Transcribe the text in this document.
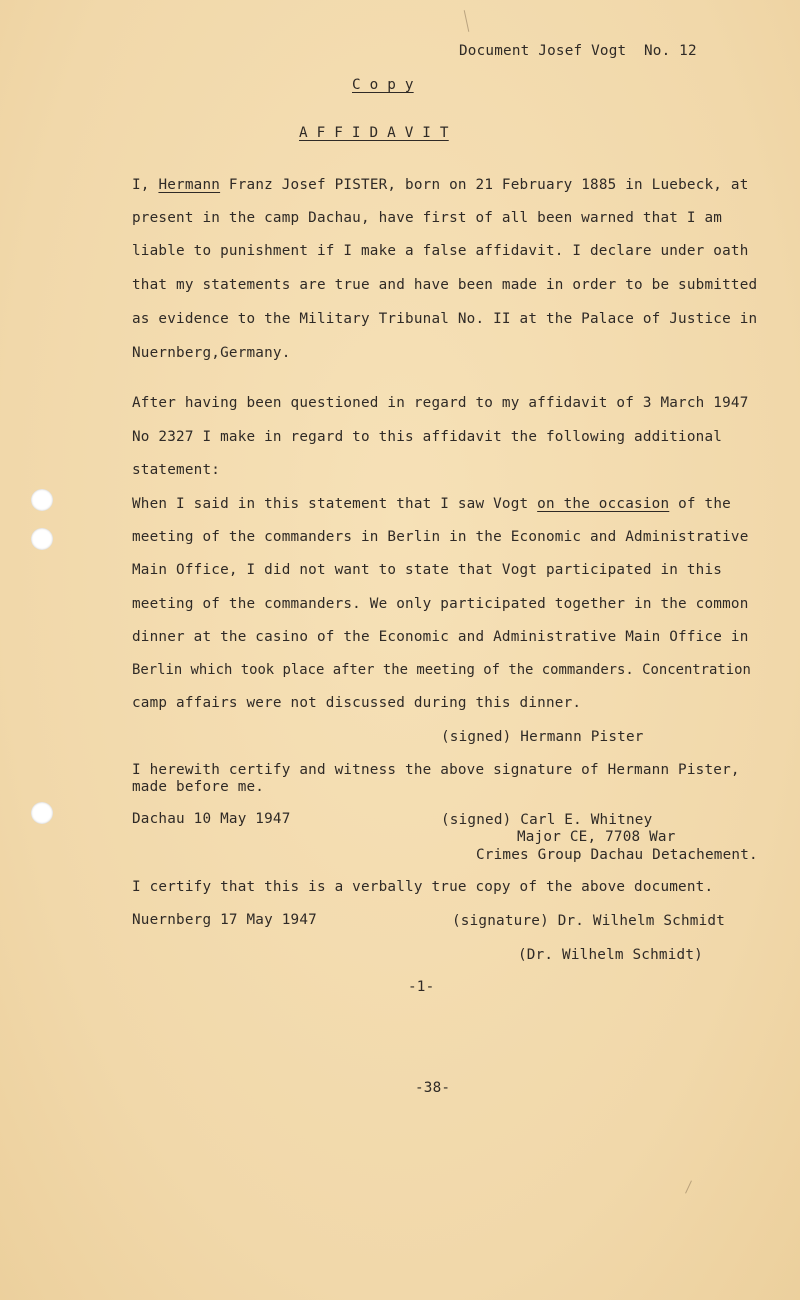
Document Josef Vogt  No. 12
C o p y
A F F I D A V I T
I, Hermann Franz Josef PISTER, born on 21 February 1885 in Luebeck, at
present in the camp Dachau, have first of all been warned that I am
liable to punishment if I make a false affidavit. I declare under oath
that my statements are true and have been made in order to be submitted
as evidence to the Military Tribunal No. II at the Palace of Justice in
Nuernberg,Germany.
After having been questioned in regard to my affidavit of 3 March 1947
No 2327 I make in regard to this affidavit the following additional
statement:
When I said in this statement that I saw Vogt on the occasion of the
meeting of the commanders in Berlin in the Economic and Administrative
Main Office, I did not want to state that Vogt participated in this
meeting of the commanders. We only participated together in the common
dinner at the casino of the Economic and Administrative Main Office in
Berlin which took place after the meeting of the commanders. Concentration
camp affairs were not discussed during this dinner.
(signed) Hermann Pister
I herewith certify and witness the above signature of Hermann Pister,
made before me.
Dachau 10 May 1947	(signed) Carl E. Whitney
Major CE, 7708 War
Crimes Group Dachau Detachement.
I certify that this is a verbally true copy of the above document.
Nuernberg 17 May 1947	(signature) Dr. Wilhelm Schmidt
(Dr. Wilhelm Schmidt)
-1-
-38-
